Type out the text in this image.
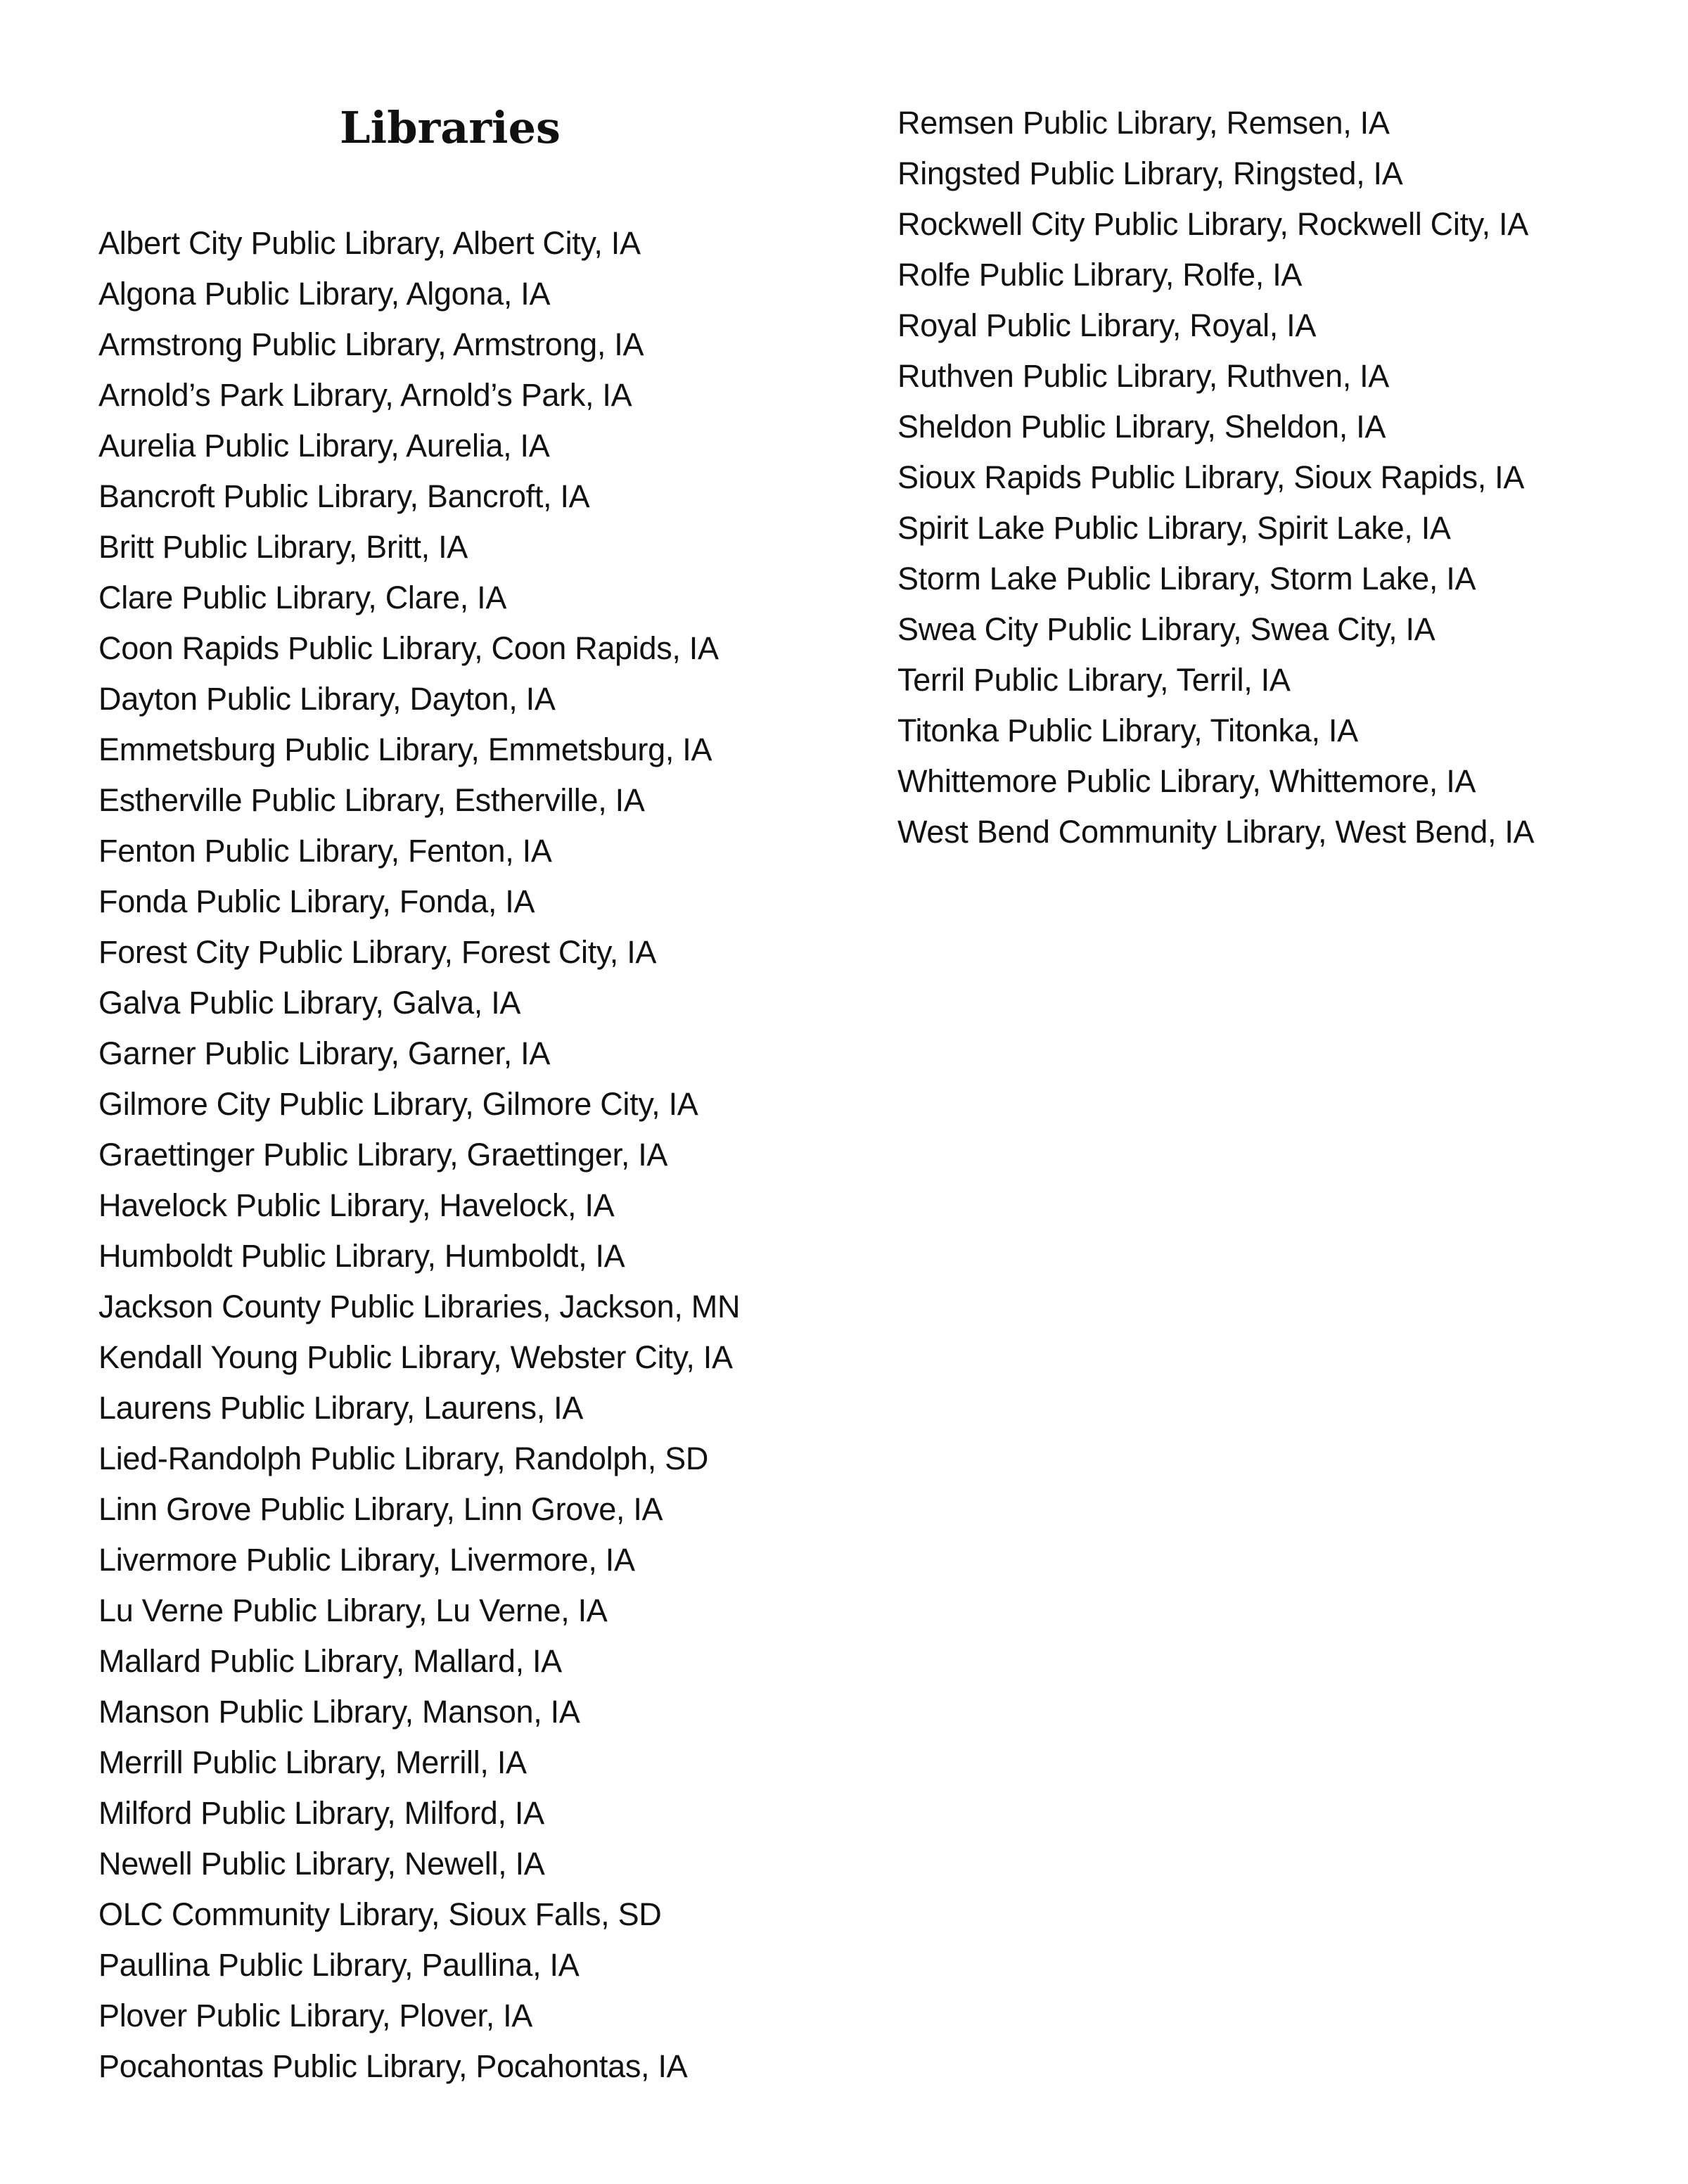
Libraries
Albert City Public Library, Albert City, IA
Algona Public Library, Algona, IA
Armstrong Public Library, Armstrong, IA
Arnold’s Park Library, Arnold’s Park, IA
Aurelia Public Library, Aurelia, IA
Bancroft Public Library, Bancroft, IA
Britt Public Library, Britt, IA
Clare Public Library, Clare, IA
Coon Rapids Public Library, Coon Rapids, IA
Dayton Public Library, Dayton, IA
Emmetsburg Public Library, Emmetsburg, IA
Estherville Public Library, Estherville, IA
Fenton Public Library, Fenton, IA
Fonda Public Library, Fonda, IA
Forest City Public Library, Forest City, IA
Galva Public Library, Galva, IA
Garner Public Library, Garner, IA
Gilmore City Public Library, Gilmore City, IA
Graettinger Public Library, Graettinger, IA
Havelock Public Library, Havelock, IA
Humboldt Public Library, Humboldt, IA
Jackson County Public Libraries, Jackson, MN
Kendall Young Public Library, Webster City, IA
Laurens Public Library, Laurens, IA
Lied-Randolph Public Library, Randolph, SD
Linn Grove Public Library, Linn Grove, IA
Livermore Public Library, Livermore, IA
Lu Verne Public Library, Lu Verne, IA
Mallard Public Library, Mallard, IA
Manson Public Library, Manson, IA
Merrill Public Library, Merrill, IA
Milford Public Library, Milford, IA
Newell Public Library, Newell, IA
OLC Community Library, Sioux Falls, SD
Paullina Public Library, Paullina, IA
Plover Public Library, Plover, IA
Pocahontas Public Library, Pocahontas, IA
Remsen Public Library, Remsen, IA
Ringsted Public Library, Ringsted, IA
Rockwell City Public Library, Rockwell City, IA
Rolfe Public Library, Rolfe, IA
Royal Public Library, Royal, IA
Ruthven Public Library, Ruthven, IA
Sheldon Public Library, Sheldon, IA
Sioux Rapids Public Library, Sioux Rapids, IA
Spirit Lake Public Library, Spirit Lake, IA
Storm Lake Public Library, Storm Lake, IA
Swea City Public Library, Swea City, IA
Terril Public Library, Terril, IA
Titonka Public Library, Titonka, IA
Whittemore Public Library, Whittemore, IA
West Bend Community Library, West Bend, IA
